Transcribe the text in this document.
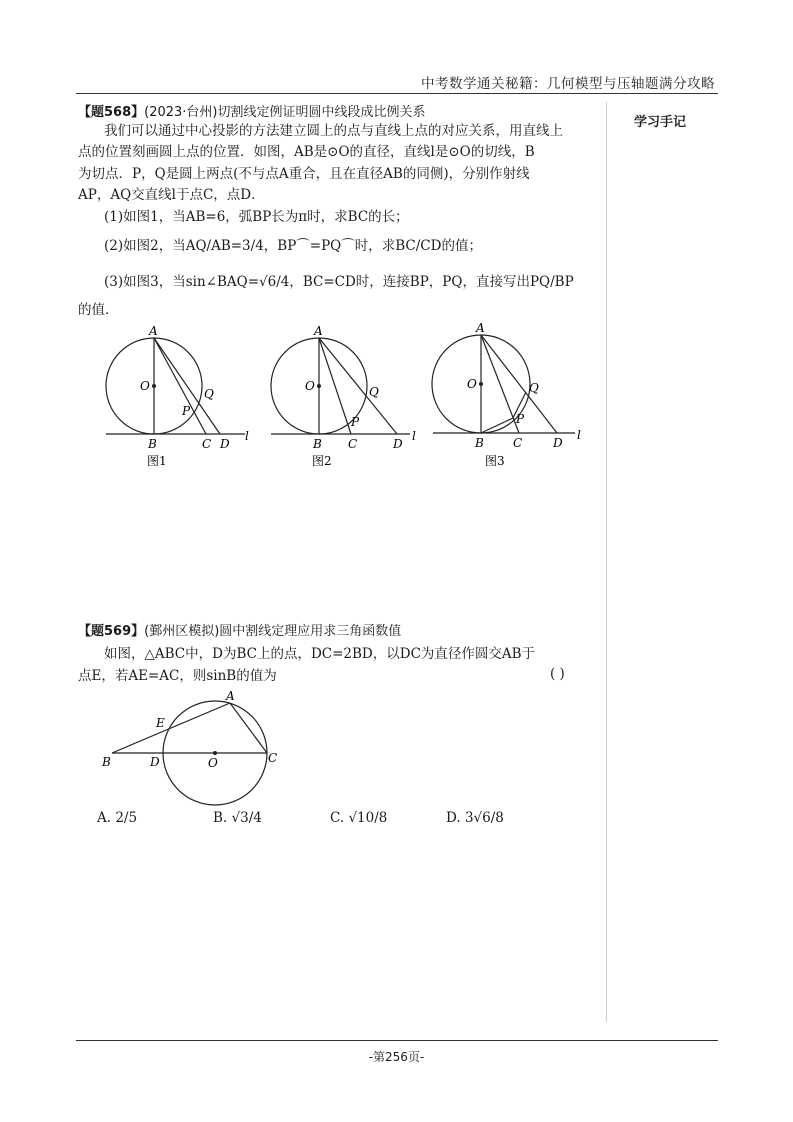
中考数学通关秘籍：几何模型与压轴题满分攻略
学习手记
【题568】(2023·台州)切割线定例证明圆中线段成比例关系
我们可以通过中心投影的方法建立圆上的点与直线上点的对应关系，用直线上
点的位置刻画圆上点的位置．如图，AB是⊙O的直径，直线l是⊙O的切线，B
为切点．P，Q是圆上两点(不与点A重合，且在直径AB的同侧)，分别作射线
AP，AQ交直线l于点C，点D．
(1)如图1，当AB=6，弧BP长为π时，求BC的长；
(2)如图2，当AQ/AB=3/4，BP⌒=PQ⌒时，求BC/CD的值；
(3)如图3，当sin∠BAQ=√6/4，BC=CD时，连接BP，PQ，直接写出PQ/BP
的值．
A
O
B
P
Q
C D
l
图1
A
O
B
P
Q
C	D
l
图2
A
O
B
P
Q
C	D
l
图3
【题569】(鄞州区模拟)圆中割线定理应用求三角函数值
如图，△ABC中，D为BC上的点，DC=2BD，以DC为直径作圆交AB于
点E，若AE=AC，则sinB的值为	( )
A
E
B	D	O	C
A. 2/5	B. √3/4	C. √10/8	D. 3√6/8
-第256页-
